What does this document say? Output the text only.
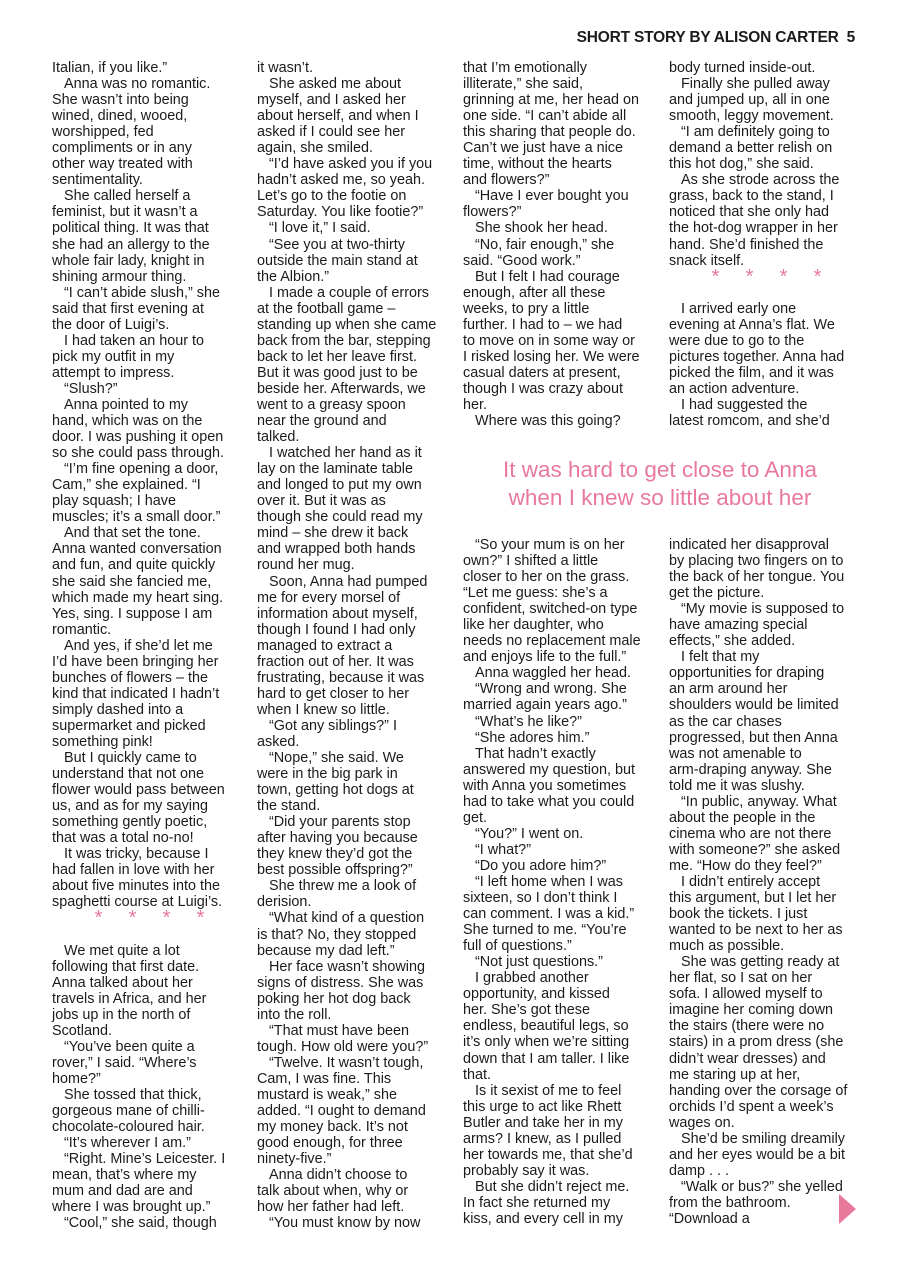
SHORT STORY BY ALISON CARTER 5
Italian, if you like.”
Anna was no romantic.
She wasn’t into being
wined, dined, wooed,
worshipped, fed
compliments or in any
other way treated with
sentimentality.
She called herself a
feminist, but it wasn’t a
political thing. It was that
she had an allergy to the
whole fair lady, knight in
shining armour thing.
“I can’t abide slush,” she
said that first evening at
the door of Luigi’s.
I had taken an hour to
pick my outfit in my
attempt to impress.
“Slush?”
Anna pointed to my
hand, which was on the
door. I was pushing it open
so she could pass through.
“I’m fine opening a door,
Cam,” she explained. “I
play squash; I have
muscles; it’s a small door.”
And that set the tone.
Anna wanted conversation
and fun, and quite quickly
she said she fancied me,
which made my heart sing.
Yes, sing. I suppose I am
romantic.
And yes, if she’d let me
I’d have been bringing her
bunches of flowers – the
kind that indicated I hadn’t
simply dashed into a
supermarket and picked
something pink!
But I quickly came to
understand that not one
flower would pass between
us, and as for my saying
something gently poetic,
that was a total no-no!
It was tricky, because I
had fallen in love with her
about five minutes into the
spaghetti course at Luigi’s.
* * * *
We met quite a lot
following that first date.
Anna talked about her
travels in Africa, and her
jobs up in the north of
Scotland.
“You’ve been quite a
rover,” I said. “Where’s
home?”
She tossed that thick,
gorgeous mane of chilli-
chocolate-coloured hair.
“It’s wherever I am.”
“Right. Mine’s Leicester. I
mean, that’s where my
mum and dad are and
where I was brought up.”
“Cool,” she said, though
it wasn’t.
She asked me about
myself, and I asked her
about herself, and when I
asked if I could see her
again, she smiled.
“I’d have asked you if you
hadn’t asked me, so yeah.
Let’s go to the footie on
Saturday. You like footie?”
“I love it,” I said.
“See you at two-thirty
outside the main stand at
the Albion.”
I made a couple of errors
at the football game –
standing up when she came
back from the bar, stepping
back to let her leave first.
But it was good just to be
beside her. Afterwards, we
went to a greasy spoon
near the ground and
talked.
I watched her hand as it
lay on the laminate table
and longed to put my own
over it. But it was as
though she could read my
mind – she drew it back
and wrapped both hands
round her mug.
Soon, Anna had pumped
me for every morsel of
information about myself,
though I found I had only
managed to extract a
fraction out of her. It was
frustrating, because it was
hard to get closer to her
when I knew so little.
“Got any siblings?” I
asked.
“Nope,” she said. We
were in the big park in
town, getting hot dogs at
the stand.
“Did your parents stop
after having you because
they knew they’d got the
best possible offspring?”
She threw me a look of
derision.
“What kind of a question
is that? No, they stopped
because my dad left.”
Her face wasn’t showing
signs of distress. She was
poking her hot dog back
into the roll.
“That must have been
tough. How old were you?”
“Twelve. It wasn’t tough,
Cam, I was fine. This
mustard is weak,” she
added. “I ought to demand
my money back. It’s not
good enough, for three
ninety-five.”
Anna didn’t choose to
talk about when, why or
how her father had left.
“You must know by now
that I’m emotionally
illiterate,” she said,
grinning at me, her head on
one side. “I can’t abide all
this sharing that people do.
Can’t we just have a nice
time, without the hearts
and flowers?”
“Have I ever bought you
flowers?”
She shook her head.
“No, fair enough,” she
said. “Good work.”
But I felt I had courage
enough, after all these
weeks, to pry a little
further. I had to – we had
to move on in some way or
I risked losing her. We were
casual daters at present,
though I was crazy about
her.
Where was this going?
body turned inside-out.
Finally she pulled away
and jumped up, all in one
smooth, leggy movement.
“I am definitely going to
demand a better relish on
this hot dog,” she said.
As she strode across the
grass, back to the stand, I
noticed that she only had
the hot-dog wrapper in her
hand. She’d finished the
snack itself.
* * * *
I arrived early one
evening at Anna’s flat. We
were due to go to the
pictures together. Anna had
picked the film, and it was
an action adventure.
I had suggested the
latest romcom, and she’d
It was hard to get close to Anna
when I knew so little about her
“So your mum is on her
own?” I shifted a little
closer to her on the grass.
“Let me guess: she’s a
confident, switched-on type
like her daughter, who
needs no replacement male
and enjoys life to the full.”
Anna waggled her head.
“Wrong and wrong. She
married again years ago.”
“What’s he like?”
“She adores him.”
That hadn’t exactly
answered my question, but
with Anna you sometimes
had to take what you could
get.
“You?” I went on.
“I what?”
“Do you adore him?”
“I left home when I was
sixteen, so I don’t think I
can comment. I was a kid.”
She turned to me. “You’re
full of questions.”
“Not just questions.”
I grabbed another
opportunity, and kissed
her. She’s got these
endless, beautiful legs, so
it’s only when we’re sitting
down that I am taller. I like
that.
Is it sexist of me to feel
this urge to act like Rhett
Butler and take her in my
arms? I knew, as I pulled
her towards me, that she’d
probably say it was.
But she didn’t reject me.
In fact she returned my
kiss, and every cell in my
indicated her disapproval
by placing two fingers on to
the back of her tongue. You
get the picture.
“My movie is supposed to
have amazing special
effects,” she added.
I felt that my
opportunities for draping
an arm around her
shoulders would be limited
as the car chases
progressed, but then Anna
was not amenable to
arm-draping anyway. She
told me it was slushy.
“In public, anyway. What
about the people in the
cinema who are not there
with someone?” she asked
me. “How do they feel?”
I didn’t entirely accept
this argument, but I let her
book the tickets. I just
wanted to be next to her as
much as possible.
She was getting ready at
her flat, so I sat on her
sofa. I allowed myself to
imagine her coming down
the stairs (there were no
stairs) in a prom dress (she
didn’t wear dresses) and
me staring up at her,
handing over the corsage of
orchids I’d spent a week’s
wages on.
She’d be smiling dreamily
and her eyes would be a bit
damp . . .
“Walk or bus?” she yelled
from the bathroom.
“Download a
